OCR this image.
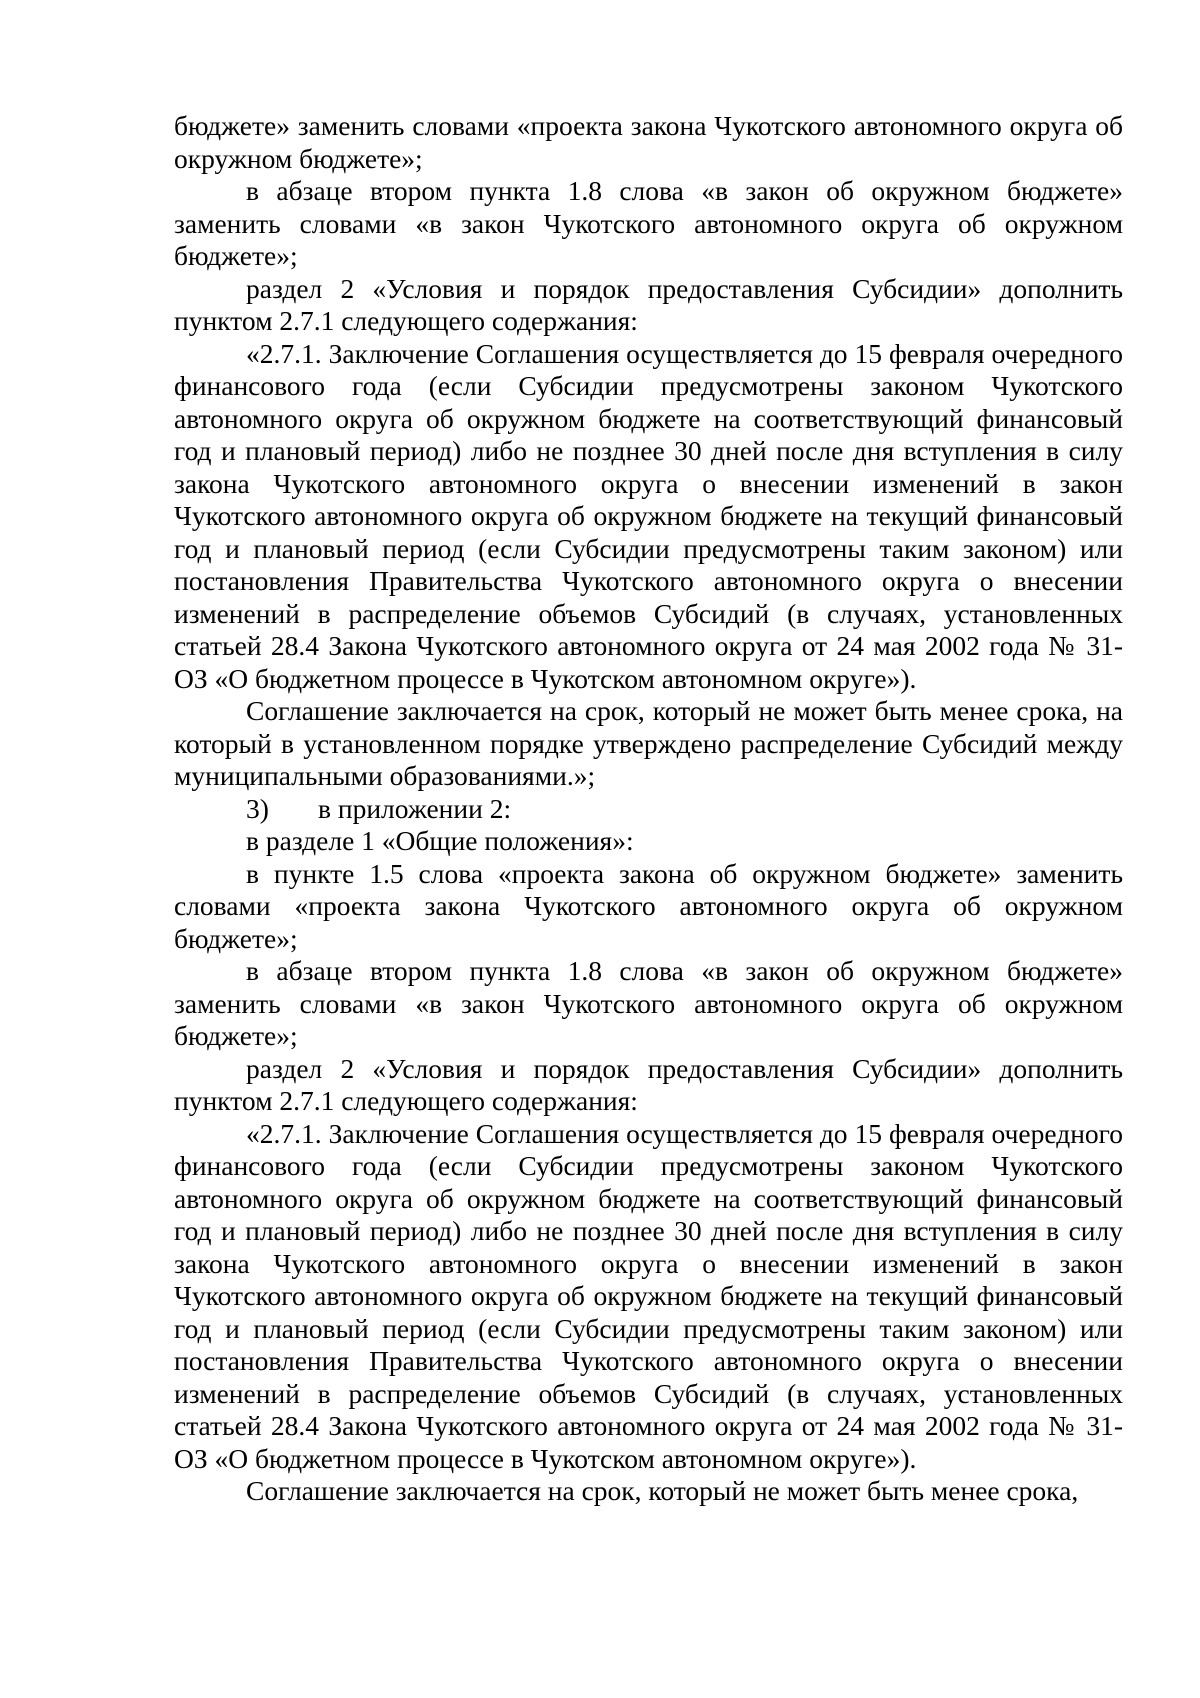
бюджете» заменить словами «проекта закона Чукотского автономного округа об окружном бюджете»;

в абзаце втором пункта 1.8 слова «в закон об окружном бюджете» заменить словами «в закон Чукотского автономного округа об окружном бюджете»;

раздел 2 «Условия и порядок предоставления Субсидии» дополнить пунктом 2.7.1 следующего содержания:

«2.7.1. Заключение Соглашения осуществляется до 15 февраля очередного финансового года (если Субсидии предусмотрены законом Чукотского автономного округа об окружном бюджете на соответствующий финансовый год и плановый период) либо не позднее 30 дней после дня вступления в силу закона Чукотского автономного округа о внесении изменений в закон Чукотского автономного округа об окружном бюджете на текущий финансовый год и плановый период (если Субсидии предусмотрены таким законом) или постановления Правительства Чукотского автономного округа о внесении изменений в распределение объемов Субсидий (в случаях, установленных статьей 28.4 Закона Чукотского автономного округа от 24 мая 2002 года № 31-ОЗ «О бюджетном процессе в Чукотском автономном округе»).

Соглашение заключается на срок, который не может быть менее срока, на который в установленном порядке утверждено распределение Субсидий между муниципальными образованиями.»;

3) в приложении 2:

в разделе 1 «Общие положения»:

в пункте 1.5 слова «проекта закона об окружном бюджете» заменить словами «проекта закона Чукотского автономного округа об окружном бюджете»;

в абзаце втором пункта 1.8 слова «в закон об окружном бюджете» заменить словами «в закон Чукотского автономного округа об окружном бюджете»;

раздел 2 «Условия и порядок предоставления Субсидии» дополнить пунктом 2.7.1 следующего содержания:

«2.7.1. Заключение Соглашения осуществляется до 15 февраля очередного финансового года (если Субсидии предусмотрены законом Чукотского автономного округа об окружном бюджете на соответствующий финансовый год и плановый период) либо не позднее 30 дней после дня вступления в силу закона Чукотского автономного округа о внесении изменений в закон Чукотского автономного округа об окружном бюджете на текущий финансовый год и плановый период (если Субсидии предусмотрены таким законом) или постановления Правительства Чукотского автономного округа о внесении изменений в распределение объемов Субсидий (в случаях, установленных статьей 28.4 Закона Чукотского автономного округа от 24 мая 2002 года № 31-ОЗ «О бюджетном процессе в Чукотском автономном округе»).

Соглашение заключается на срок, который не может быть менее срока,
